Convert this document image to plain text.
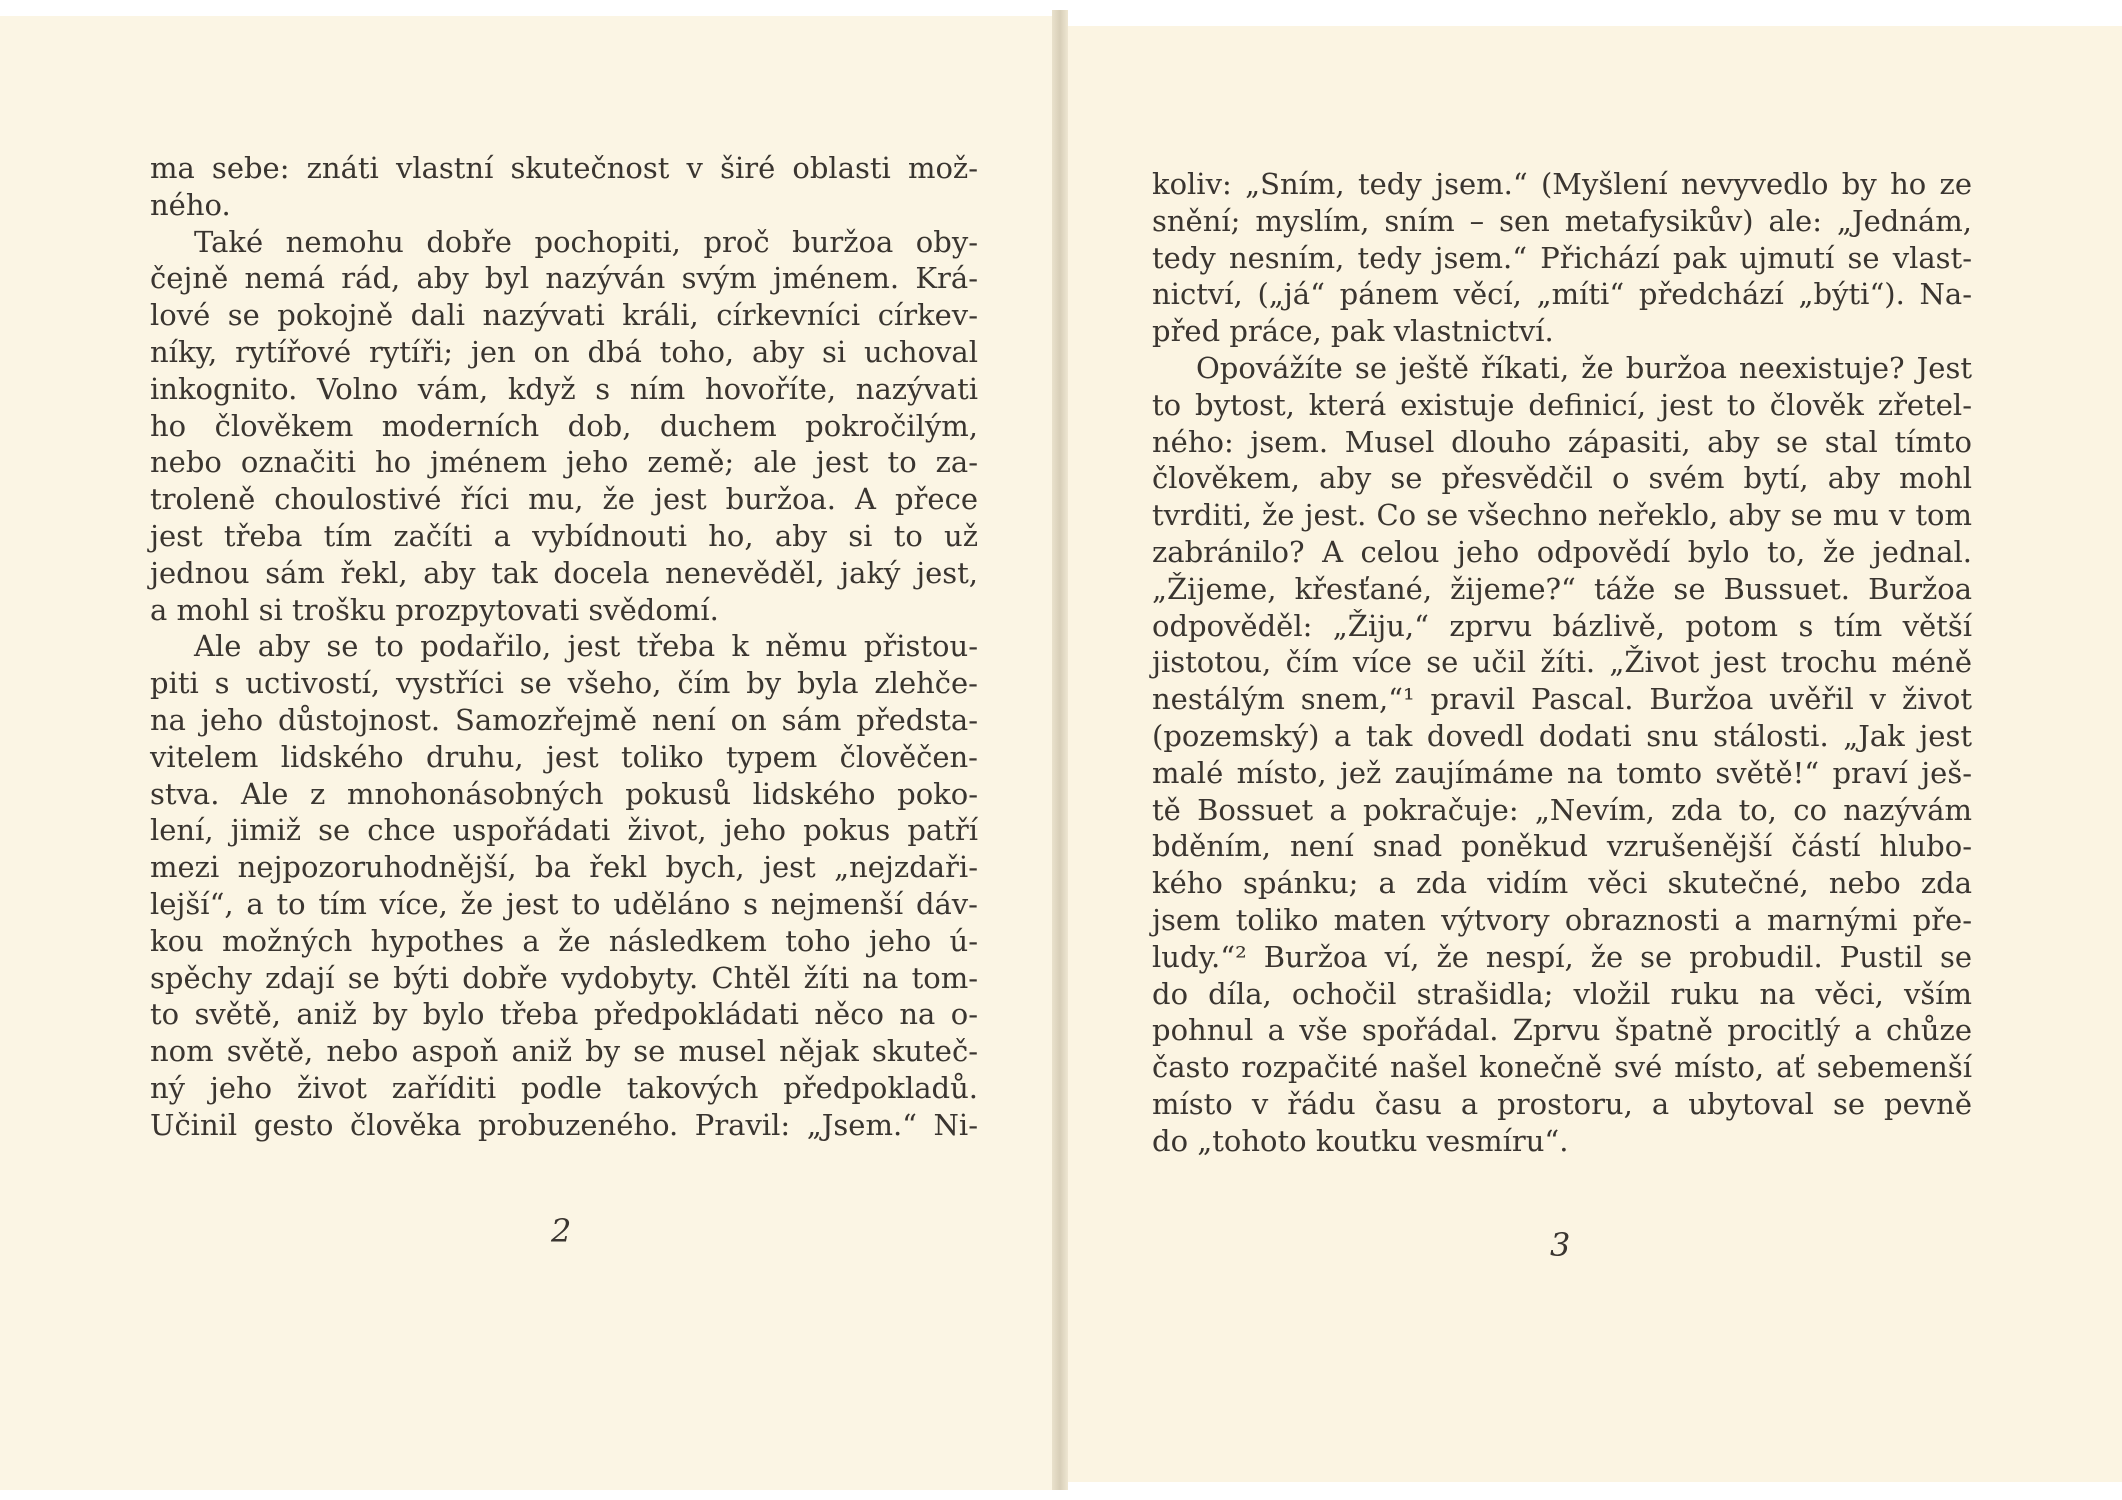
ma sebe: znáti vlastní skutečnost v širé oblasti mož-
ného.
Také nemohu dobře pochopiti, proč buržoa oby-
čejně nemá rád, aby byl nazýván svým jménem. Krá-
lové se pokojně dali nazývati králi, církevníci církev-
níky, rytířové rytíři; jen on dbá toho, aby si uchoval
inkognito. Volno vám, když s ním hovoříte, nazývati
ho člověkem moderních dob, duchem pokročilým,
nebo označiti ho jménem jeho země; ale jest to za-
troleně choulostivé říci mu, že jest buržoa. A přece
jest třeba tím začíti a vybídnouti ho, aby si to už
jednou sám řekl, aby tak docela nenevěděl, jaký jest,
a mohl si trošku prozpytovati svědomí.
Ale aby se to podařilo, jest třeba k němu přistou-
piti s uctivostí, vystříci se všeho, čím by byla zlehče-
na jeho důstojnost. Samozřejmě není on sám předsta-
vitelem lidského druhu, jest toliko typem člověčen-
stva. Ale z mnohonásobných pokusů lidského poko-
lení, jimiž se chce uspořádati život, jeho pokus patří
mezi nejpozoruhodnější, ba řekl bych, jest „nejzdaři-
lejší“, a to tím více, že jest to uděláno s nejmenší dáv-
kou možných hypothes a že následkem toho jeho ú-
spěchy zdají se býti dobře vydobyty. Chtěl žíti na tom-
to světě, aniž by bylo třeba předpokládati něco na o-
nom světě, nebo aspoň aniž by se musel nějak skuteč-
ný jeho život zaříditi podle takových předpokladů.
Učinil gesto člověka probuzeného. Pravil: „Jsem.“ Ni-
2
koliv: „Sním, tedy jsem.“ (Myšlení nevyvedlo by ho ze
snění; myslím, sním – sen metafysikův) ale: „Jednám,
tedy nesním, tedy jsem.“ Přichází pak ujmutí se vlast-
nictví, („já“ pánem věcí, „míti“ předchází „býti“). Na-
před práce, pak vlastnictví.
Opovážíte se ještě říkati, že buržoa neexistuje? Jest
to bytost, která existuje definicí, jest to člověk zřetel-
ného: jsem. Musel dlouho zápasiti, aby se stal tímto
člověkem, aby se přesvědčil o svém bytí, aby mohl
tvrditi, že jest. Co se všechno neřeklo, aby se mu v tom
zabránilo? A celou jeho odpovědí bylo to, že jednal.
„Žijeme, křesťané, žijeme?“ táže se Bussuet. Buržoa
odpověděl: „Žiju,“ zprvu bázlivě, potom s tím větší
jistotou, čím více se učil žíti. „Život jest trochu méně
nestálým snem,“¹ pravil Pascal. Buržoa uvěřil v život
(pozemský) a tak dovedl dodati snu stálosti. „Jak jest
malé místo, jež zaujímáme na tomto světě!“ praví ješ-
tě Bossuet a pokračuje: „Nevím, zda to, co nazývám
bděním, není snad poněkud vzrušenější částí hlubo-
kého spánku; a zda vidím věci skutečné, nebo zda
jsem toliko maten výtvory obraznosti a marnými pře-
ludy.“² Buržoa ví, že nespí, že se probudil. Pustil se
do díla, ochočil strašidla; vložil ruku na věci, vším
pohnul a vše spořádal. Zprvu špatně procitlý a chůze
často rozpačité našel konečně své místo, ať sebemenší
místo v řádu času a prostoru, a ubytoval se pevně
do „tohoto koutku vesmíru“.
3
